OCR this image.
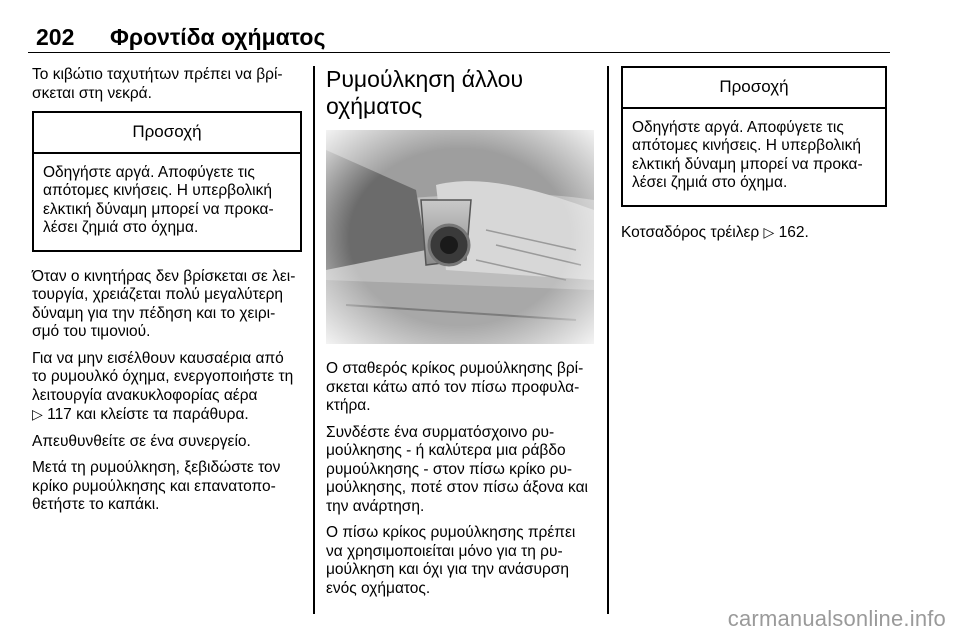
202 Φροντίδα οχήματος

Το κιβώτιο ταχυτήτων πρέπει να βρί-σκεται στη νεκρά.

Προσοχή
Οδηγήστε αργά. Αποφύγετε τις απότομες κινήσεις. Η υπερβολική ελκτική δύναμη μπορεί να προκα-λέσει ζημιά στο όχημα.

Όταν ο κινητήρας δεν βρίσκεται σε λει-τουργία, χρειάζεται πολύ μεγαλύτερη δύναμη για την πέδηση και το χειρι-σμό του τιμονιού.

Για να μην εισέλθουν καυσαέρια από το ρυμουλκό όχημα, ενεργοποιήστε τη λειτουργία ανακυκλοφορίας αέρα
▷ 117 και κλείστε τα παράθυρα.

Απευθυνθείτε σε ένα συνεργείο.

Μετά τη ρυμούλκηση, ξεβιδώστε τον κρίκο ρυμούλκησης και επανατοπο-θετήστε το καπάκι.

Ρυμούλκηση άλλου οχήματος

Ο σταθερός κρίκος ρυμούλκησης βρί-σκεται κάτω από τον πίσω προφυλα-κτήρα.

Συνδέστε ένα συρματόσχοινο ρυ-μούλκησης - ή καλύτερα μια ράβδο ρυμούλκησης - στον πίσω κρίκο ρυ-μούλκησης, ποτέ στον πίσω άξονα και την ανάρτηση.

Ο πίσω κρίκος ρυμούλκησης πρέπει να χρησιμοποιείται μόνο για τη ρυ-μούλκηση και όχι για την ανάσυρση ενός οχήματος.

Προσοχή
Οδηγήστε αργά. Αποφύγετε τις απότομες κινήσεις. Η υπερβολική ελκτική δύναμη μπορεί να προκα-λέσει ζημιά στο όχημα.

Κοτσαδόρος τρέιλερ ▷ 162.

carmanualsonline.info
